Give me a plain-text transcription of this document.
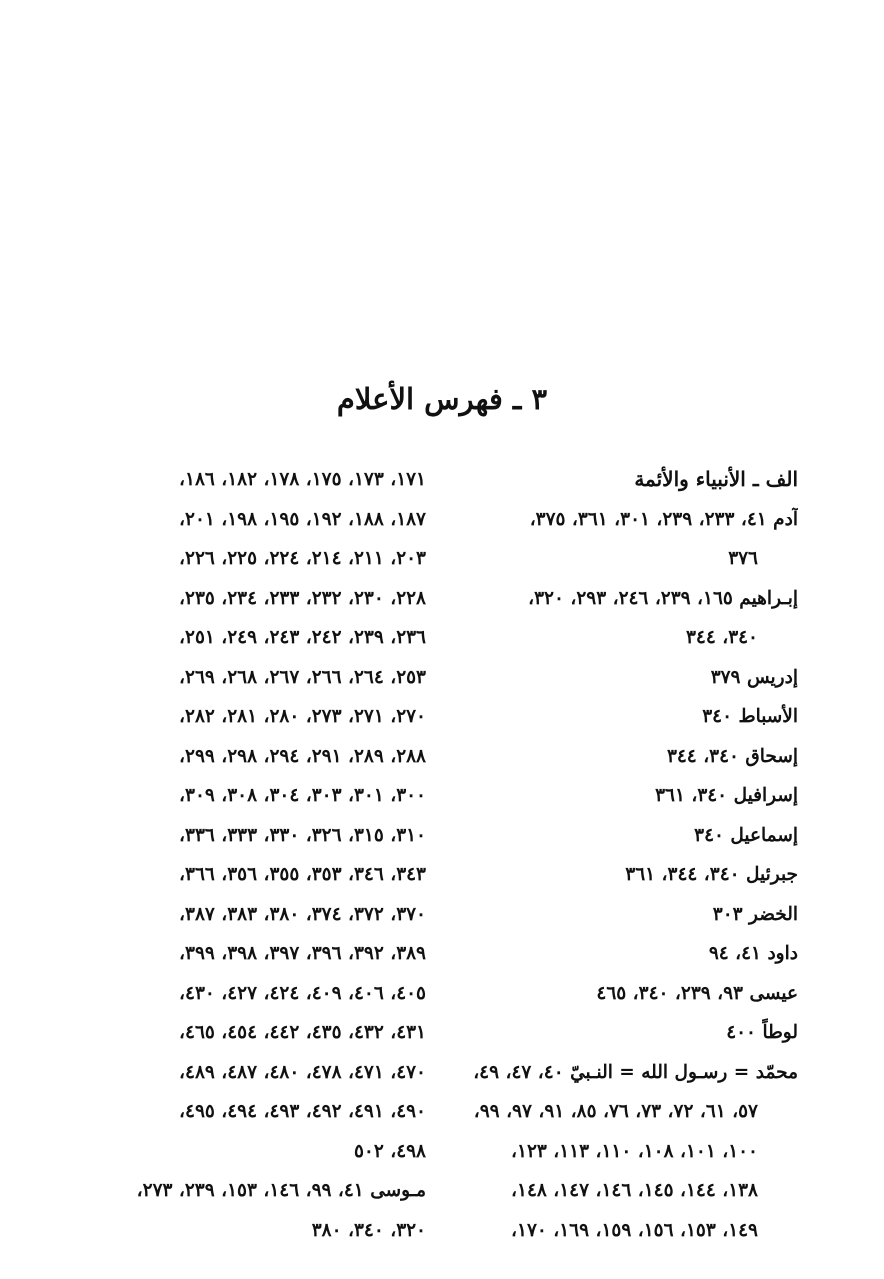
٣ ـ فهرس الأعلام
الف ـ الأنبياء والأئمة
آدم ٤١، ٢٣٣، ٢٣٩، ٣٠١، ٣٦١، ٣٧٥،
٣٧٦
إبـراهيم ١٦٥، ٢٣٩، ٢٤٦، ٢٩٣، ٣٢٠،
٣٤٠، ٣٤٤
إدريس ٣٧٩
الأسباط ٣٤٠
إسحاق ٣٤٠، ٣٤٤
إسرافيل ٣٤٠، ٣٦١
إسماعيل ٣٤٠
جبرئيل ٣٤٠، ٣٤٤، ٣٦١
الخضر ٣٠٣
داود ٤١، ٩٤
عيسى ٩٣، ٢٣٩، ٣٤٠، ٤٦٥
لوطاً ٤٠٠
محمّد = رسـول الله = النـبيّ ٤٠، ٤٧، ٤٩،
٥٧، ٦١، ٧٢، ٧٣، ٧٦، ٨٥، ٩١، ٩٧، ٩٩،
١٠٠، ١٠١، ١٠٨، ١١٠، ١١٣، ١٢٣،
١٣٨، ١٤٤، ١٤٥، ١٤٦، ١٤٧، ١٤٨،
١٤٩، ١٥٣، ١٥٦، ١٥٩، ١٦٩، ١٧٠،
١٧١، ١٧٣، ١٧٥، ١٧٨، ١٨٢، ١٨٦،
١٨٧، ١٨٨، ١٩٢، ١٩٥، ١٩٨، ٢٠١،
٢٠٣، ٢١١، ٢١٤، ٢٢٤، ٢٢٥، ٢٢٦،
٢٢٨، ٢٣٠، ٢٣٢، ٢٣٣، ٢٣٤، ٢٣٥،
٢٣٦، ٢٣٩، ٢٤٢، ٢٤٣، ٢٤٩، ٢٥١،
٢٥٣، ٢٦٤، ٢٦٦، ٢٦٧، ٢٦٨، ٢٦٩،
٢٧٠، ٢٧١، ٢٧٣، ٢٨٠، ٢٨١، ٢٨٢،
٢٨٨، ٢٨٩، ٢٩١، ٢٩٤، ٢٩٨، ٢٩٩،
٣٠٠، ٣٠١، ٣٠٣، ٣٠٤، ٣٠٨، ٣٠٩،
٣١٠، ٣١٥، ٣٢٦، ٣٣٠، ٣٣٣، ٣٣٦،
٣٤٣، ٣٤٦، ٣٥٣، ٣٥٥، ٣٥٦، ٣٦٦،
٣٧٠، ٣٧٢، ٣٧٤، ٣٨٠، ٣٨٣، ٣٨٧،
٣٨٩، ٣٩٢، ٣٩٦، ٣٩٧، ٣٩٨، ٣٩٩،
٤٠٥، ٤٠٦، ٤٠٩، ٤٢٤، ٤٢٧، ٤٣٠،
٤٣١، ٤٣٢، ٤٣٥، ٤٤٢، ٤٥٤، ٤٦٥،
٤٧٠، ٤٧١، ٤٧٨، ٤٨٠، ٤٨٧، ٤٨٩،
٤٩٠، ٤٩١، ٤٩٢، ٤٩٣، ٤٩٤، ٤٩٥،
٤٩٨، ٥٠٢
مـوسى ٤١، ٩٩، ١٤٦، ١٥٣، ٢٣٩، ٢٧٣،
٣٢٠، ٣٤٠، ٣٨٠
